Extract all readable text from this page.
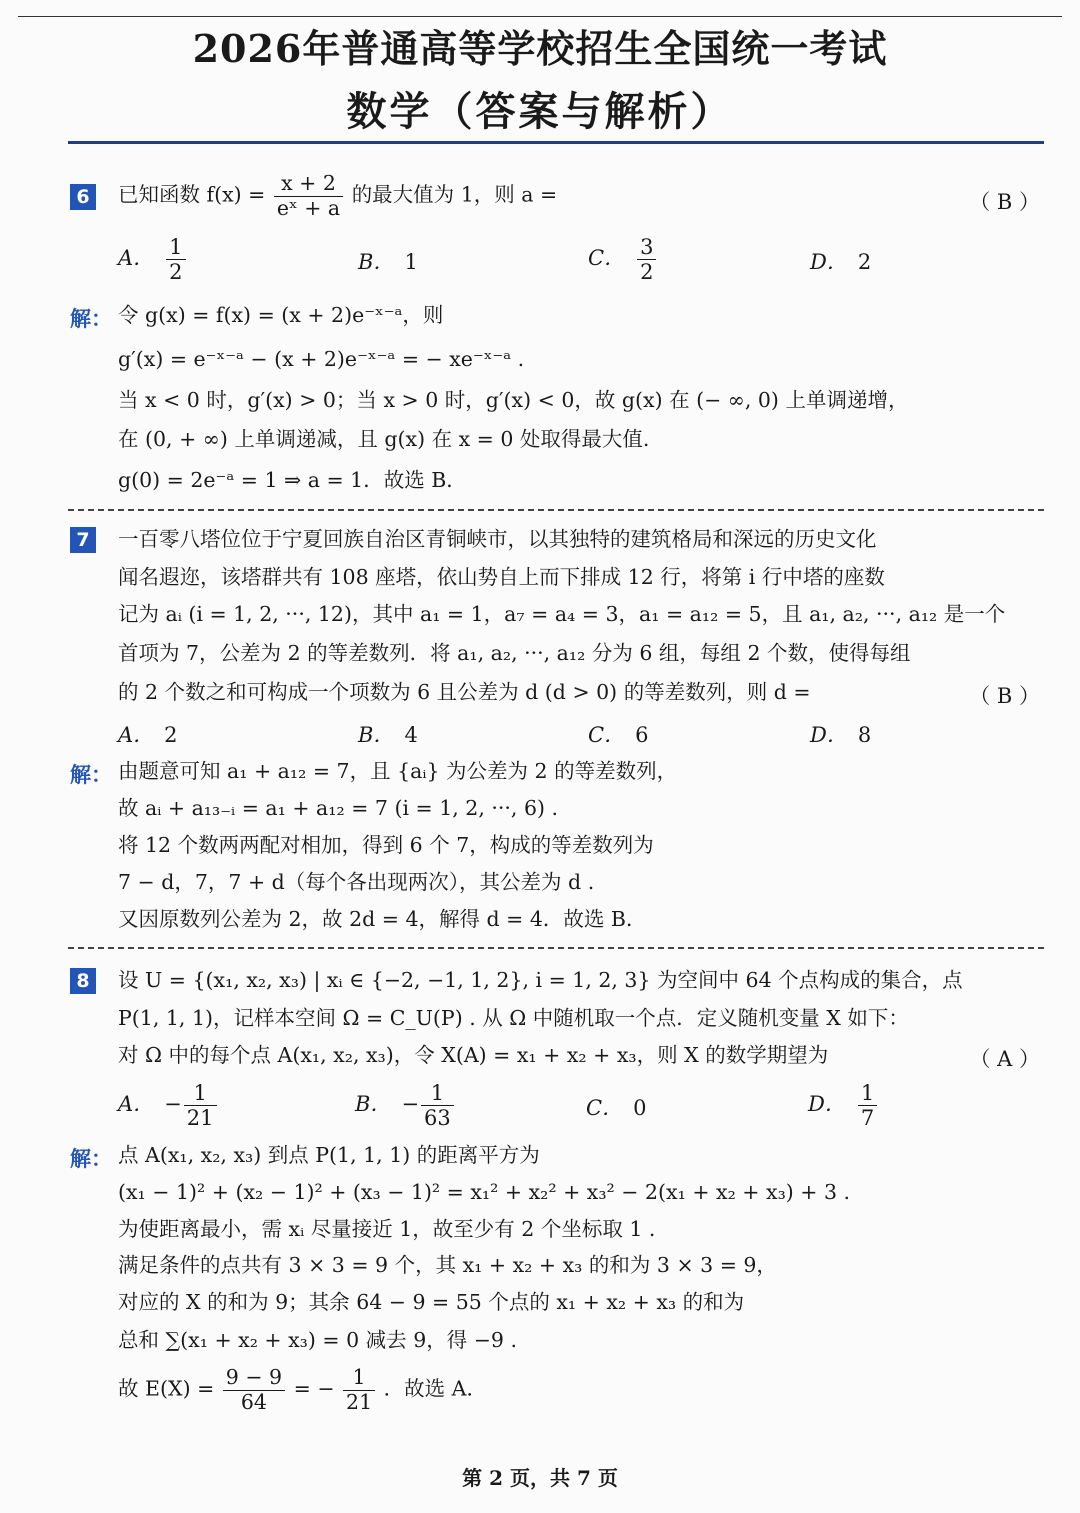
2026年普通高等学校招生全国统一考试
数学（答案与解析）
6	已知函数 $f(x) = \frac{x + 2}{\text{eˣ + a}}$ 的最大值为 1，则 a =	（ B ）
A． $\frac{1}{2}$	B． 1	C． $\frac{3}{2}$	D． 2
解： 令 g(x) = f(x) = (x + 2)e⁻ˣ⁻ᵃ，则
g′(x) = e⁻ˣ⁻ᵃ − (x + 2)e⁻ˣ⁻ᵃ = − xe⁻ˣ⁻ᵃ .
当 x < 0 时，g′(x) > 0；当 x > 0 时，g′(x) < 0，故 g(x) 在 (− ∞, 0) 上单调递增，
在 (0, + ∞) 上单调递减，且 g(x) 在 x = 0 处取得最大值.
g(0) = 2e⁻ᵃ = 1 ⇒ a = 1．故选 B．
7	一百零八塔位位于宁夏回族自治区青铜峡市，以其独特的建筑格局和深远的历史文化
闻名遐迩，该塔群共有 108 座塔，依山势自上而下排成 12 行，将第 i 行中塔的座数
记为 aᵢ (i = 1, 2, ···, 12)，其中 a₁ = 1，a₇ = a₄ = 3，a₁ = a₁₂ = 5，且 a₁, a₂, ···, a₁₂ 是一个
首项为 7，公差为 2 的等差数列．将 a₁, a₂, ···, a₁₂ 分为 6 组，每组 2 个数，使得每组
的 2 个数之和可构成一个项数为 6 且公差为 d (d > 0) 的等差数列，则 d =	（ B ）
A． 2	B． 4	C． 6	D． 8
解： 由题意可知 a₁ + a₁₂ = 7，且 {aᵢ} 为公差为 2 的等差数列，
故 aᵢ + a₁₃₋ᵢ = a₁ + a₁₂ = 7 (i = 1, 2, ···, 6) .
将 12 个数两两配对相加，得到 6 个 7，构成的等差数列为
7 − d，7，7 + d（每个各出现两次），其公差为 d .
又因原数列公差为 2，故 2d = 4，解得 d = 4．故选 B．
8	设 U = {(x₁, x₂, x₃) | xᵢ ∈ {−2, −1, 1, 2}, i = 1, 2, 3} 为空间中 64 个点构成的集合，点
P(1, 1, 1)，记样本空间 Ω = C_U(P) . 从 Ω 中随机取一个点．定义随机变量 X 如下：
对 Ω 中的每个点 A(x₁, x₂, x₃)，令 X(A) = x₁ + x₂ + x₃，则 X 的数学期望为	（ A ）
A． − $\frac{1}{21}$	B． − $\frac{1}{63}$	C． 0	D． $\frac{1}{7}$
解： 点 A(x₁, x₂, x₃) 到点 P(1, 1, 1) 的距离平方为
(x₁ − 1)² + (x₂ − 1)² + (x₃ − 1)² = x₁² + x₂² + x₃² − 2(x₁ + x₂ + x₃) + 3 .
为使距离最小，需 xᵢ 尽量接近 1，故至少有 2 个坐标取 1 .
满足条件的点共有 3 × 3 = 9 个，其 x₁ + x₂ + x₃ 的和为 3 × 3 = 9，
对应的 X 的和为 9；其余 64 − 9 = 55 个点的 x₁ + x₂ + x₃ 的和为
总和 ∑(x₁ + x₂ + x₃) = 0 减去 9，得 −9 .
故 $E(X) = \frac{9 - 9}{64}$ = − $\frac{1}{21}$ ．故选 A．
第 2 页，共 7 页
